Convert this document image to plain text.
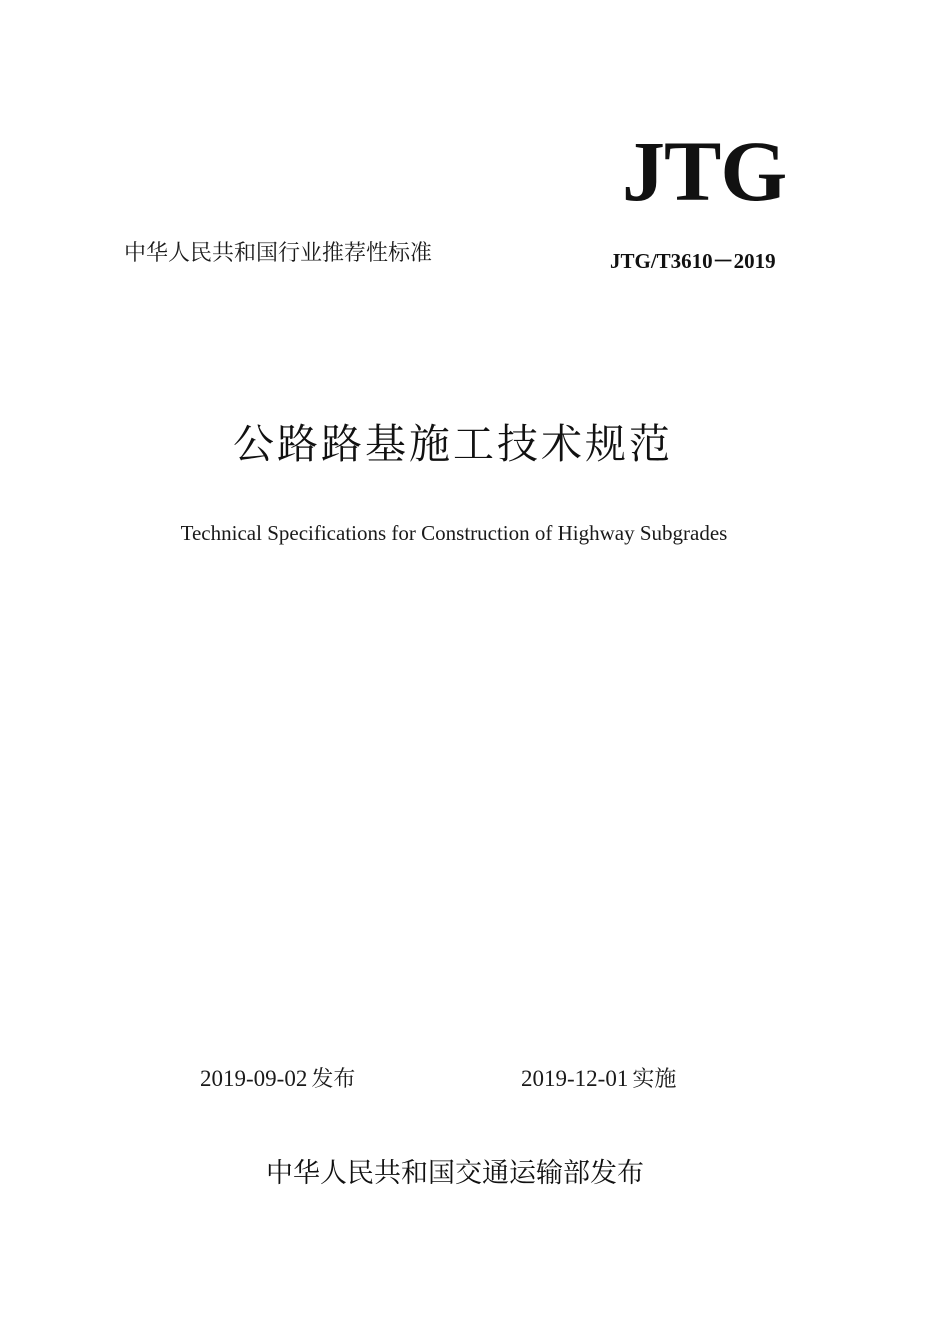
JTG
中华人民共和国行业推荐性标准	JTG/T3610－2019
公路路基施工技术规范
Technical Specifications for Construction of Highway Subgrades
2019-09-02 发布	2019-12-01 实施
中华人民共和国交通运输部发布
